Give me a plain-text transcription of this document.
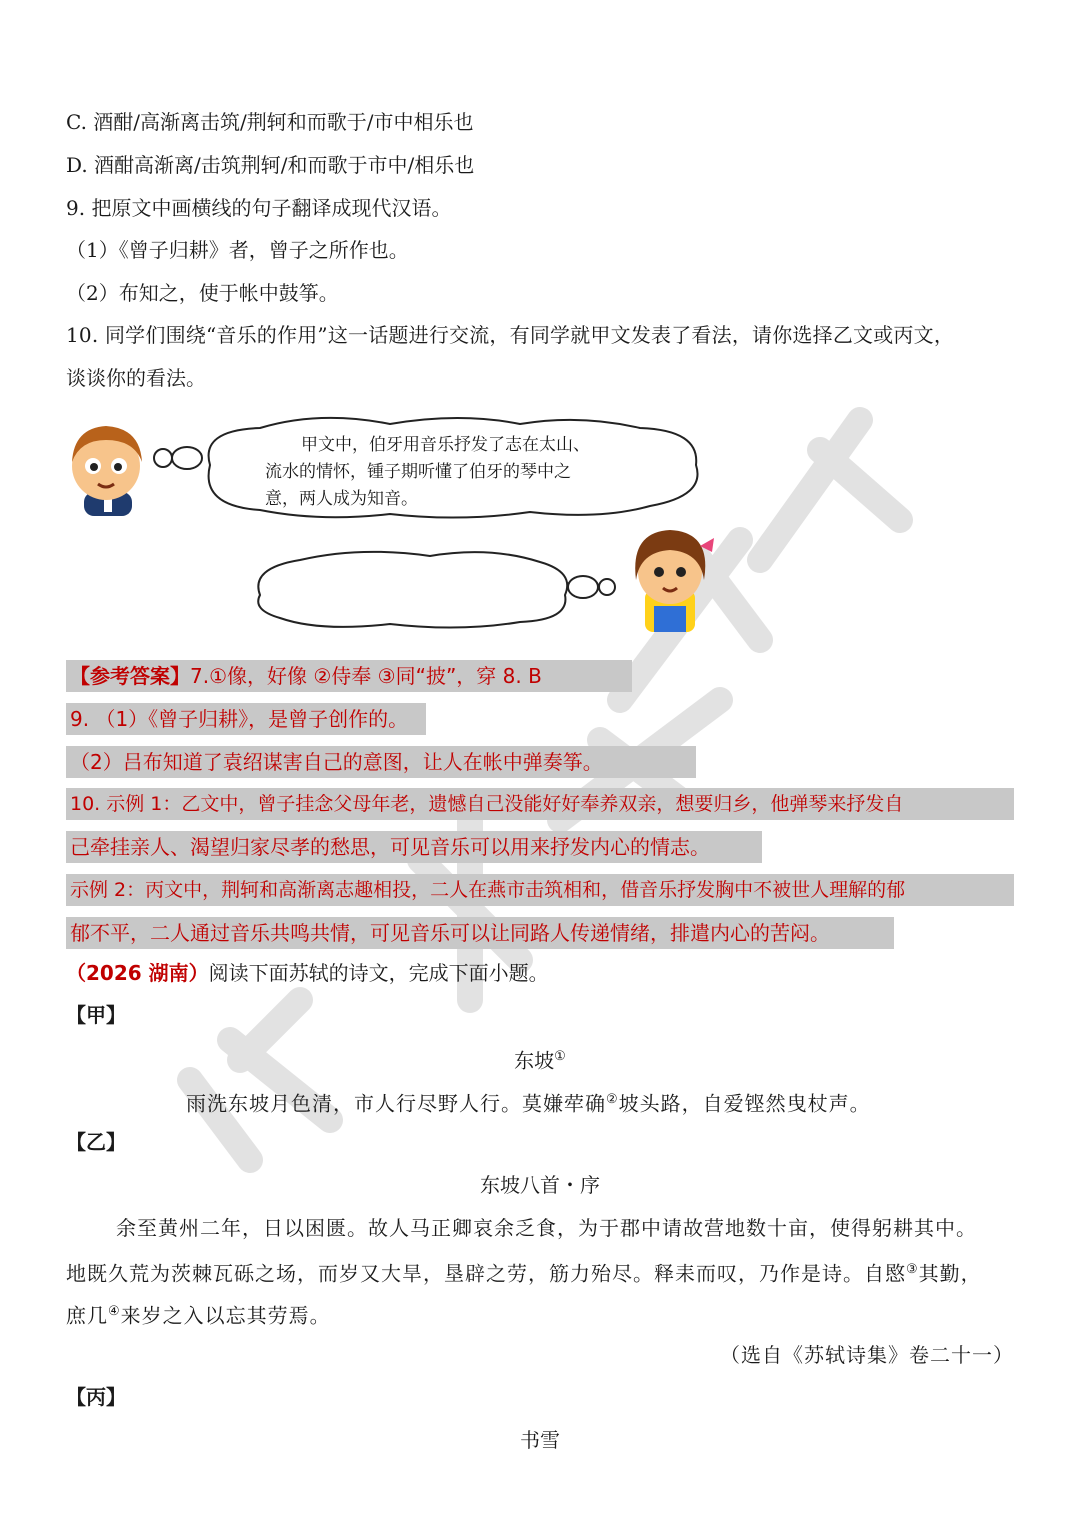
C. 酒酣/高渐离击筑/荆轲和而歌于/市中相乐也
D. 酒酣高渐离/击筑荆轲/和而歌于市中/相乐也
9. 把原文中画横线的句子翻译成现代汉语。
（1）《曾子归耕》者，曾子之所作也。
（2）布知之，使于帐中鼓筝。
10. 同学们围绕“音乐的作用”这一话题进行交流，有同学就甲文发表了看法，请你选择乙文或丙文，
谈谈你的看法。
甲文中，伯牙用音乐抒发了志在太山、
流水的情怀，锺子期听懂了伯牙的琴中之
意，两人成为知音。
【参考答案】7.①像，好像 ②侍奉 ③同“披”，穿 8. B
9. （1）《曾子归耕》，是曾子创作的。
（2）吕布知道了袁绍谋害自己的意图，让人在帐中弹奏筝。
10. 示例 1：乙文中，曾子挂念父母年老，遗憾自己没能好好奉养双亲，想要归乡，他弹琴来抒发自
己牵挂亲人、渴望归家尽孝的愁思，可见音乐可以用来抒发内心的情志。
示例 2：丙文中，荆轲和高渐离志趣相投，二人在燕市击筑相和，借音乐抒发胸中不被世人理解的郁
郁不平，二人通过音乐共鸣共情，可见音乐可以让同路人传递情绪，排遣内心的苦闷。
（2026 湖南）阅读下面苏轼的诗文，完成下面小题。
【甲】
东坡①
雨洗东坡月色清，市人行尽野人行。莫嫌荦确②坡头路，自爱铿然曳杖声。
【乙】
东坡八首・序
余至黄州二年，日以困匮。故人马正卿哀余乏食，为于郡中请故营地数十亩，使得躬耕其中。
地既久荒为茨棘瓦砾之场，而岁又大旱，垦辟之劳，筋力殆尽。释耒而叹，乃作是诗。自愍③其勤，
庶几④来岁之入以忘其劳焉。
（选自《苏轼诗集》卷二十一）
【丙】
书雪
